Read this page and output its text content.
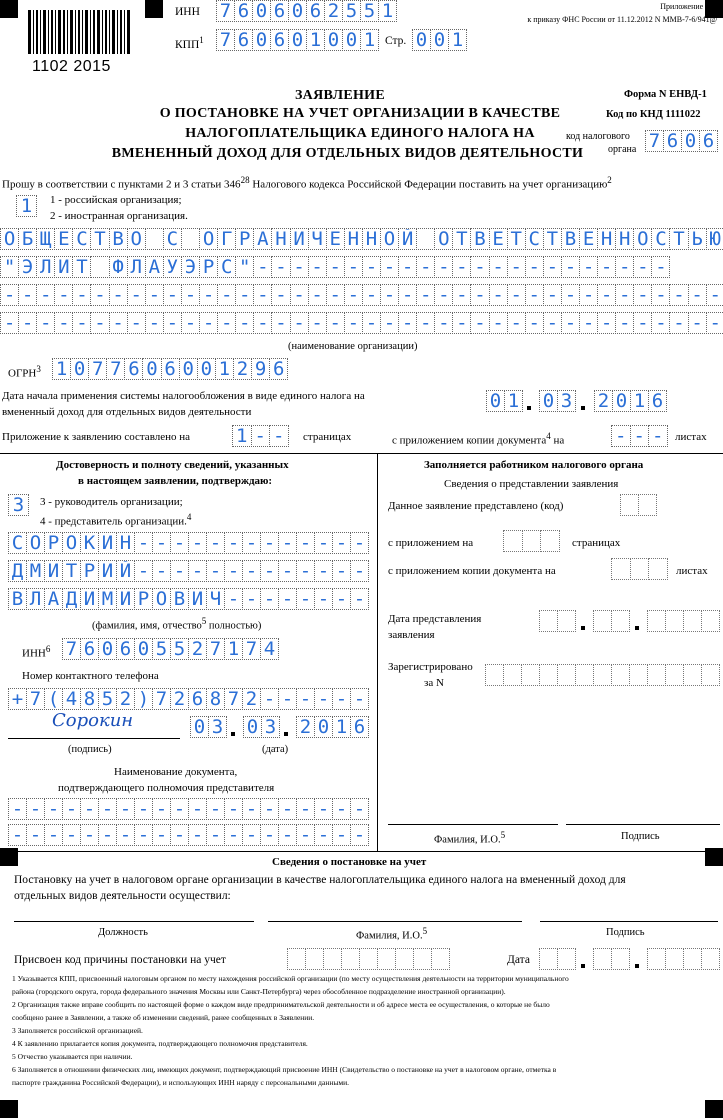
1102 2015
ИНН 7 6 0 6 0 6 2 5 5 1
КПП$^1$ 7 6 0 6 0 1 0 0 1 Стр. 0 0 1
Приложение N 1
к приказу ФНС России от 11.12.2012 N ММВ-7-6/941@
ЗАЯВЛЕНИЕ
О ПОСТАНОВКЕ НА УЧЕТ ОРГАНИЗАЦИИ В КАЧЕСТВЕ
НАЛОГОПЛАТЕЛЬЩИКА ЕДИНОГО НАЛОГА НА
ВМЕНЕННЫЙ ДОХОД ДЛЯ ОТДЕЛЬНЫХ ВИДОВ ДЕЯТЕЛЬНОСТИ
Форма N ЕНВД-1
Код по КНД 1111022
код налогового
органа 7 6 0 6
Прошу в соответствии с пунктами 2 и 3 статьи $346^{28}$ Налогового кодекса Российской Федерации поставить на учет организацию$^2$
1	1 - российская организация;
2 - иностранная организация.
О Б Щ Е С Т В О
С
О Г Р А Н И Ч Е Н Н О Й
О Т В Е Т С Т В Е Н Н О С Т Ь Ю
" Э Л И Т
Ф Л А У Э Р С " - - - - - - - - - - - - - - - - - - - - - - -
- - - - - - - - - - - - - - - - - - - - - - - - - - - - - - - - - - - - - - - -
- - - - - - - - - - - - - - - - - - - - - - - - - - - - - - - - - - - - - - - -
(наименование организации)
ОГРН$^3$ 1 0 7 7 6 0 6 0 0 1 2 9 6
Дата начала применения системы налогообложения в виде единого налога на
вмененный доход для отдельных видов деятельности	0 1 0 3 2 0 1 6
Приложение к заявлению составлено на 1 - -	страницах	с приложением копии документа$^4$ на	- - -	листах
Достоверность и полноту сведений, указанных
в настоящем заявлении, подтверждаю:
3	3 - руководитель организации;
4 - представитель организации.$^4$
С О Р О К И Н - - - - - - - - - - - - -
Д М И Т Р И Й - - - - - - - - - - - - -
В Л А Д И М И Р О В И Ч - - - - - - - -
(фамилия, имя, отчество$^5$ полностью)
ИНН$^6$ 7 6 0 6 0 5 5 2 7 1 7 4
Номер контактного телефона
+ 7 ( 4 8 5 2 ) 7 2 6 8 7 2 - - - - - -
Сорокин
(подпись)
0 3 0 3 2 0 1 6
(дата)
Наименование документа,
подтверждающего полномочия представителя
- - - - - - - - - - - - - - - - - - - -
- - - - - - - - - - - - - - - - - - - -
Заполняется работником налогового органа
Сведения о представлении заявления
Данное заявление представлено (код)
с приложением на	страницах
с приложением копии документа на	листах
Дата представления
заявления
Зарегистрировано
за N
Фамилия, И.О.$^5$	Подпись
Сведения о постановке на учет
Постановку на учет в налоговом органе организации в качестве налогоплательщика единого налога на вмененный доход для
отдельных видов деятельности осуществил:
Должность	Фамилия, И.О.$^5$	Подпись
Присвоен код причины постановки на учет	Дата
1 Указывается КПП, присвоенный налоговым органом по месту нахождения российской организации (по месту осуществления деятельности на территории муниципального
района (городского округа, города федерального значения Москвы или Санкт-Петербурга) через обособленное подразделение иностранной организации).
2 Организация также вправе сообщить по настоящей форме о каждом виде предпринимательской деятельности и об адресе места ее осуществления, о которые не было
сообщено ранее в Заявлении, а также об изменении сведений, ранее сообщенных в Заявлении.
3 Заполняется российской организацией.
4 К заявлению прилагается копия документа, подтверждающего полномочия представителя.
5 Отчество указывается при наличии.
6 Заполняется в отношении физических лиц, имеющих документ, подтверждающий присвоение ИНН (Свидетельство о постановке на учет в налоговом органе, отметка в
паспорте гражданина Российской Федерации), и использующих ИНН наряду с персональными данными.
